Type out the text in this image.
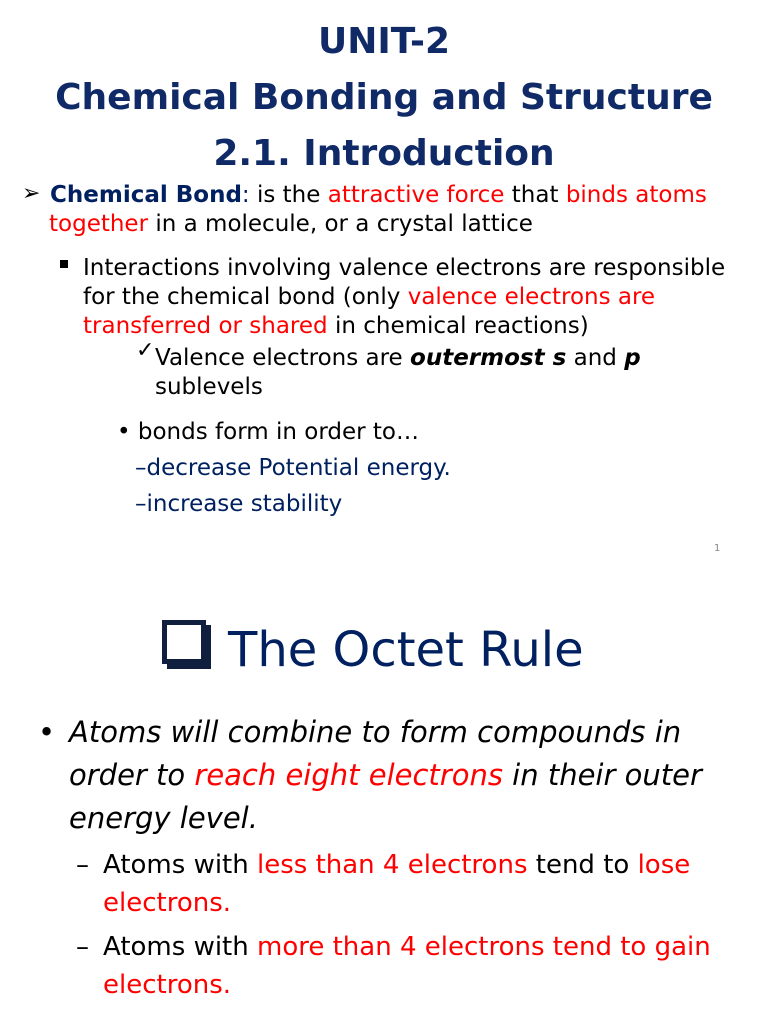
UNIT-2
Chemical Bonding and Structure
2.1. Introduction
➢ Chemical Bond: is the attractive force that binds atoms
together in a molecule, or a crystal lattice
Interactions involving valence electrons are responsible
for the chemical bond (only valence electrons are
transferred or shared in chemical reactions)
✓ Valence electrons are outermost s and p
sublevels
• bonds form in order to…
–decrease Potential energy.
–increase stability
1
The Octet Rule
• Atoms will combine to form compounds in
order to reach eight electrons in their outer
energy level.
– Atoms with less than 4 electrons tend to lose
electrons.
– Atoms with more than 4 electrons tend to gain
electrons.
